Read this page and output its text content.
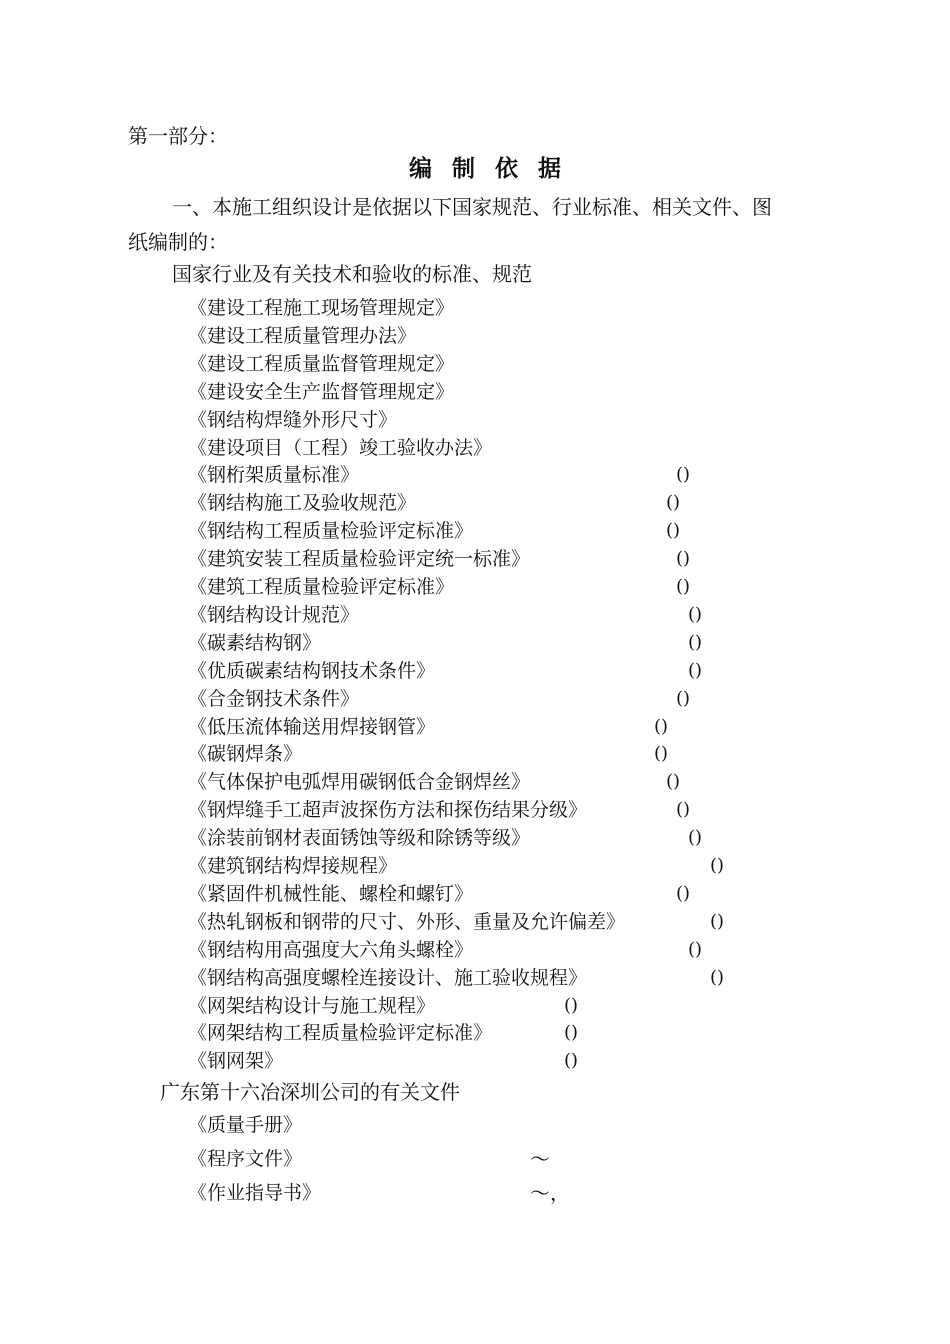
第一部分：
编制依据
一、本施工组织设计是依据以下国家规范、行业标准、相关文件、图
纸编制的：
国家行业及有关技术和验收的标准、规范
《建设工程施工现场管理规定》
《建设工程质量管理办法》
《建设工程质量监督管理规定》
《建设安全生产监督管理规定》
《钢结构焊缝外形尺寸》
《建设项目（工程）竣工验收办法》
《钢桁架质量标准》	()
《钢结构施工及验收规范》	()
《钢结构工程质量检验评定标准》	()
《建筑安装工程质量检验评定统一标准》	()
《建筑工程质量检验评定标准》	()
《钢结构设计规范》	()
《碳素结构钢》	()
《优质碳素结构钢技术条件》	()
《合金钢技术条件》	()
《低压流体输送用焊接钢管》	()
《碳钢焊条》	()
《气体保护电弧焊用碳钢低合金钢焊丝》	()
《钢焊缝手工超声波探伤方法和探伤结果分级》	()
《涂装前钢材表面锈蚀等级和除锈等级》	()
《建筑钢结构焊接规程》	()
《紧固件机械性能、螺栓和螺钉》	()
《热轧钢板和钢带的尺寸、外形、重量及允许偏差》	()
《钢结构用高强度大六角头螺栓》	()
《钢结构高强度螺栓连接设计、施工验收规程》	()
《网架结构设计与施工规程》	()
《网架结构工程质量检验评定标准》	()
《钢网架》	()
广东第十六冶深圳公司的有关文件
《质量手册》
《程序文件》	～
《作业指导书》	～，
